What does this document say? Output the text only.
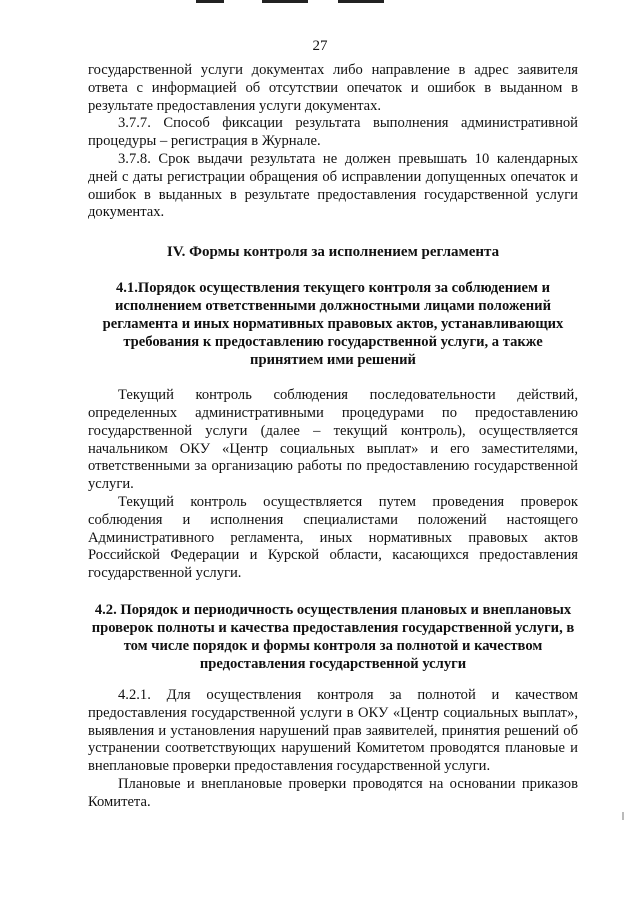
27

государственной услуги документах либо направление в адрес заявителя ответа с информацией об отсутствии опечаток и ошибок в выданном в результате предоставления услуги документах.

3.7.7. Способ фиксации результата выполнения административной процедуры – регистрация в Журнале.

3.7.8. Срок выдачи результата не должен превышать 10 календарных дней с даты регистрации обращения об исправлении допущенных опечаток и ошибок в выданных в результате предоставления государственной услуги документах.

IV. Формы контроля за исполнением регламента
4.1.Порядок осуществления текущего контроля за соблюдением и исполнением ответственными должностными лицами положений регламента и иных нормативных правовых актов, устанавливающих требования к предоставлению государственной услуги, а также принятием ими решений

Текущий контроль соблюдения последовательности действий, определенных административными процедурами по предоставлению государственной услуги (далее – текущий контроль), осуществляется начальником ОКУ «Центр социальных выплат» и его заместителями, ответственными за организацию работы по предоставлению государственной услуги.

Текущий контроль осуществляется путем проведения проверок соблюдения и исполнения специалистами положений настоящего Административного регламента, иных нормативных правовых актов Российской Федерации и Курской области, касающихся предоставления государственной услуги.

4.2. Порядок и периодичность осуществления плановых и внеплановых проверок полноты и качества предоставления государственной услуги, в том числе порядок и формы контроля за полнотой и качеством предоставления государственной услуги

4.2.1. Для осуществления контроля за полнотой и качеством предоставления государственной услуги в ОКУ «Центр социальных выплат», выявления и установления нарушений прав заявителей, принятия решений об устранении соответствующих нарушений Комитетом проводятся плановые и внеплановые проверки предоставления государственной услуги.

Плановые и внеплановые проверки проводятся на основании приказов Комитета.
